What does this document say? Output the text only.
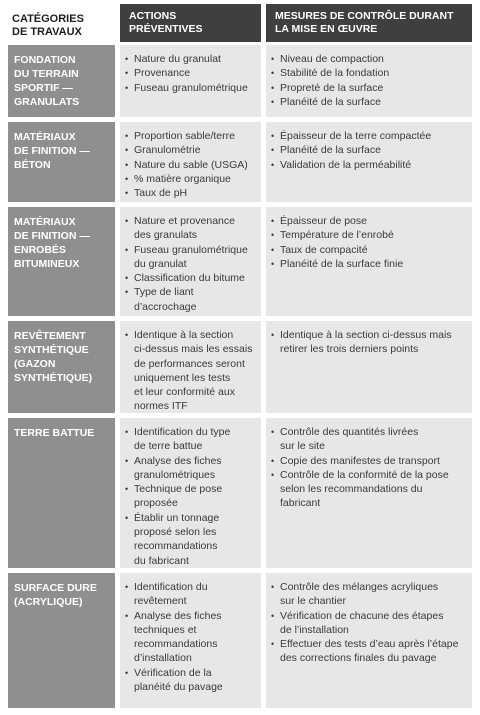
CATÉGORIES
DE TRAVAUX
ACTIONS
PRÉVENTIVES
MESURES DE CONTRÔLE DURANT
LA MISE EN ŒUVRE
FONDATION
DU TERRAIN
SPORTIF —
GRANULATS
• Nature du granulat
• Provenance
• Fuseau granulométrique
• Niveau de compaction
• Stabilité de la fondation
• Propreté de la surface
• Planéité de la surface
MATÉRIAUX
DE FINITION —
BÉTON
• Proportion sable/terre
• Granulométrie
• Nature du sable (USGA)
• % matière organique
• Taux de pH
• Épaisseur de la terre compactée
• Planéité de la surface
• Validation de la perméabilité
MATÉRIAUX
DE FINITION —
ENROBÉS
BITUMINEUX
• Nature et provenance
des granulats
• Fuseau granulométrique
du granulat
• Classification du bitume
• Type de liant
d’accrochage
• Épaisseur de pose
• Température de l’enrobé
• Taux de compacité
• Planéité de la surface finie
REVÊTEMENT
SYNTHÉTIQUE
(GAZON
SYNTHÉTIQUE)
• Identique à la section
ci-dessus mais les essais
de performances seront
uniquement les tests
et leur conformité aux
normes ITF
• Identique à la section ci-dessus mais
retirer les trois derniers points
TERRE BATTUE
•	Identification du type
de terre battue
• Analyse des fiches
granulométriques
• Technique de pose
proposée
• Établir un tonnage
proposé selon les
recommandations
du fabricant
• Contrôle des quantités livrées
sur le site
• Copie des manifestes de transport
• Contrôle de la conformité de la pose
selon les recommandations du
fabricant
SURFACE DURE
(ACRYLIQUE)
• Identification du
revêtement
• Analyse des fiches
techniques et
recommandations
d’installation
• Vérification de la
planéité du pavage
• Contrôle des mélanges acryliques
sur le chantier
• Vérification de chacune des étapes
de l’installation
• Effectuer des tests d’eau après l’étape
des corrections finales du pavage
